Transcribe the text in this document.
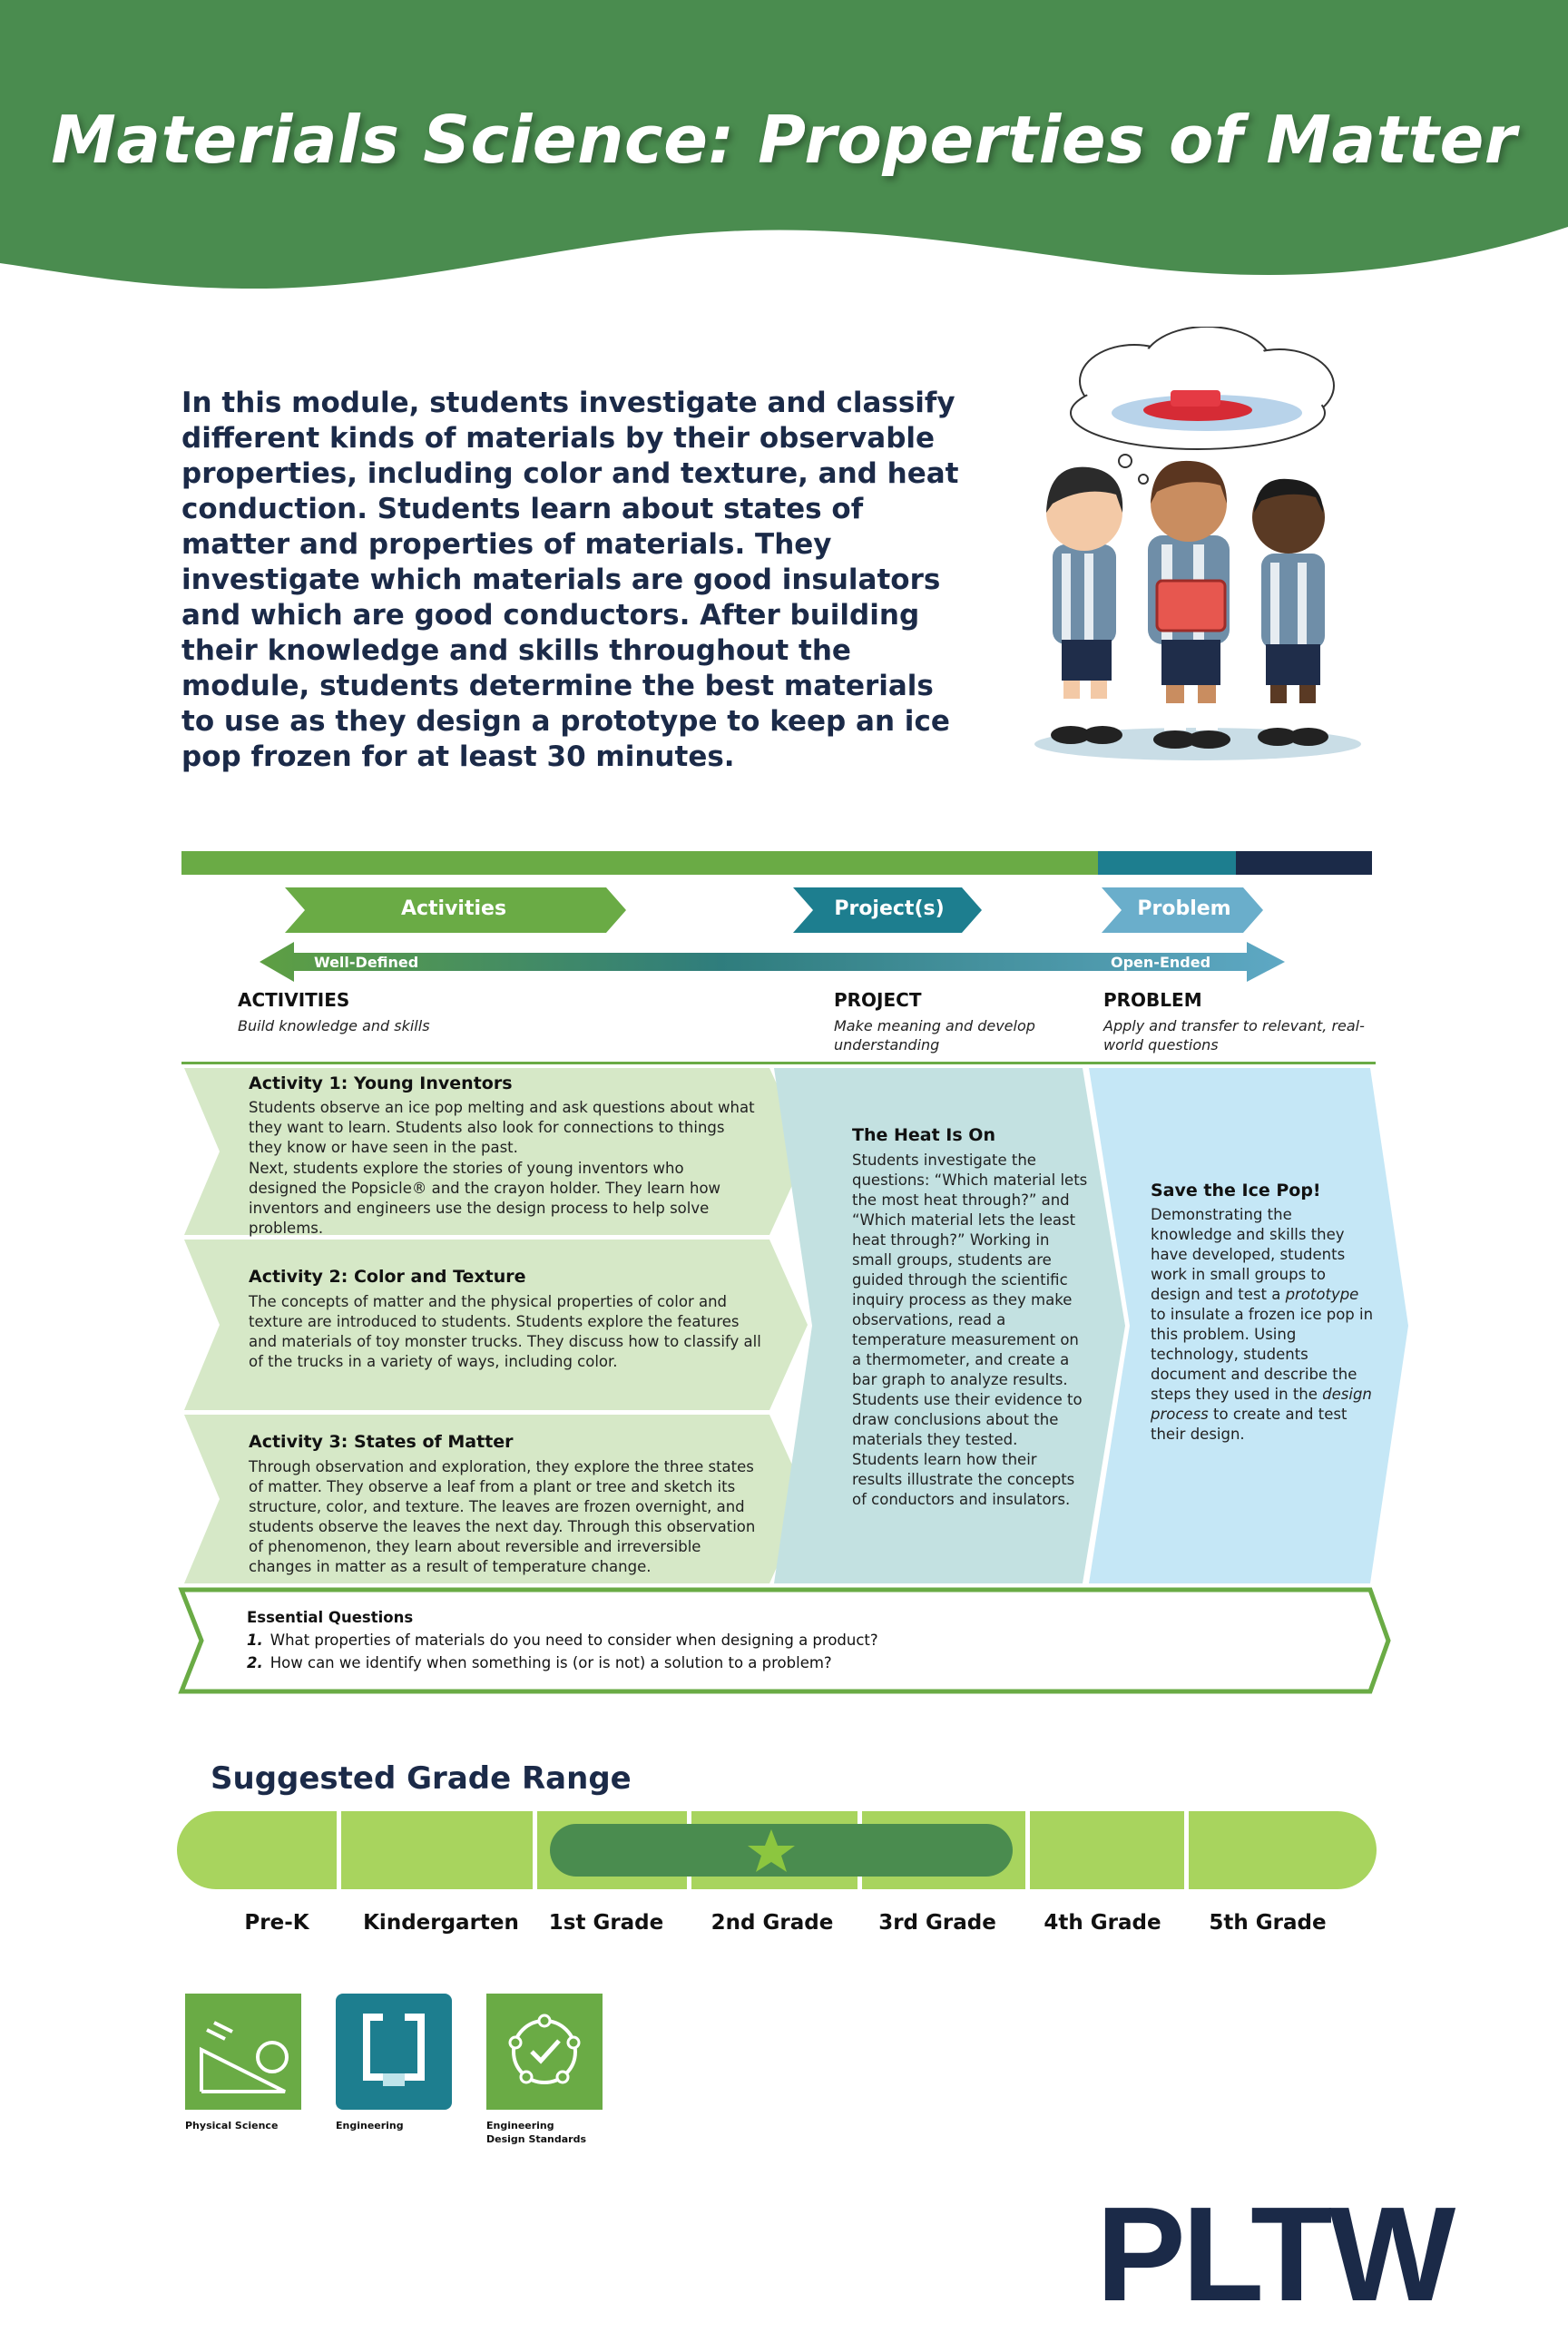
Materials Science: Properties of Matter
In this module, students investigate and classify different kinds of materials by their observable properties, including color and texture, and heat conduction. Students learn about states of matter and properties of materials. They investigate which materials are good insulators and which are good conductors. After building their knowledge and skills throughout the module, students determine the best materials to use as they design a prototype to keep an ice pop frozen for at least 30 minutes.
Activities	Project(s)	Problem
Well-Defined	Open-Ended
ACTIVITIES
Build knowledge and skills
PROJECT
Make meaning and develop understanding
PROBLEM
Apply and transfer to relevant, real-world questions
Activity 1: Young Inventors
Students observe an ice pop melting and ask questions about what they want to learn. Students also look for connections to things they know or have seen in the past.
Next, students explore the stories of young inventors who designed the Popsicle® and the crayon holder. They learn how inventors and engineers use the design process to help solve problems.
Activity 2: Color and Texture
The concepts of matter and the physical properties of color and texture are introduced to students. Students explore the features and materials of toy monster trucks. They discuss how to classify all of the trucks in a variety of ways, including color.
Activity 3: States of Matter
Through observation and exploration, they explore the three states of matter. They observe a leaf from a plant or tree and sketch its structure, color, and texture. The leaves are frozen overnight, and students observe the leaves the next day. Through this observation of phenomenon, they learn about reversible and irreversible changes in matter as a result of temperature change.
The Heat Is On
Students investigate the questions: “Which material lets the most heat through?” and “Which material lets the least heat through?” Working in small groups, students are guided through the scientific inquiry process as they make observations, read a temperature measurement on a thermometer, and create a bar graph to analyze results. Students use their evidence to draw conclusions about the materials they tested. Students learn how their results illustrate the concepts of conductors and insulators.
Save the Ice Pop!
Demonstrating the knowledge and skills they have developed, students work in small groups to design and test a prototype to insulate a frozen ice pop in this problem. Using technology, students document and describe the steps they used in the design process to create and test their design.
Essential Questions
1. What properties of materials do you need to consider when designing a product?
2. How can we identify when something is (or is not) a solution to a problem?
Suggested Grade Range
Pre-K	Kindergarten	1st Grade	2nd Grade	3rd Grade	4th Grade	5th Grade
Physical Science	Engineering	Engineering Design Standards
PLTW
